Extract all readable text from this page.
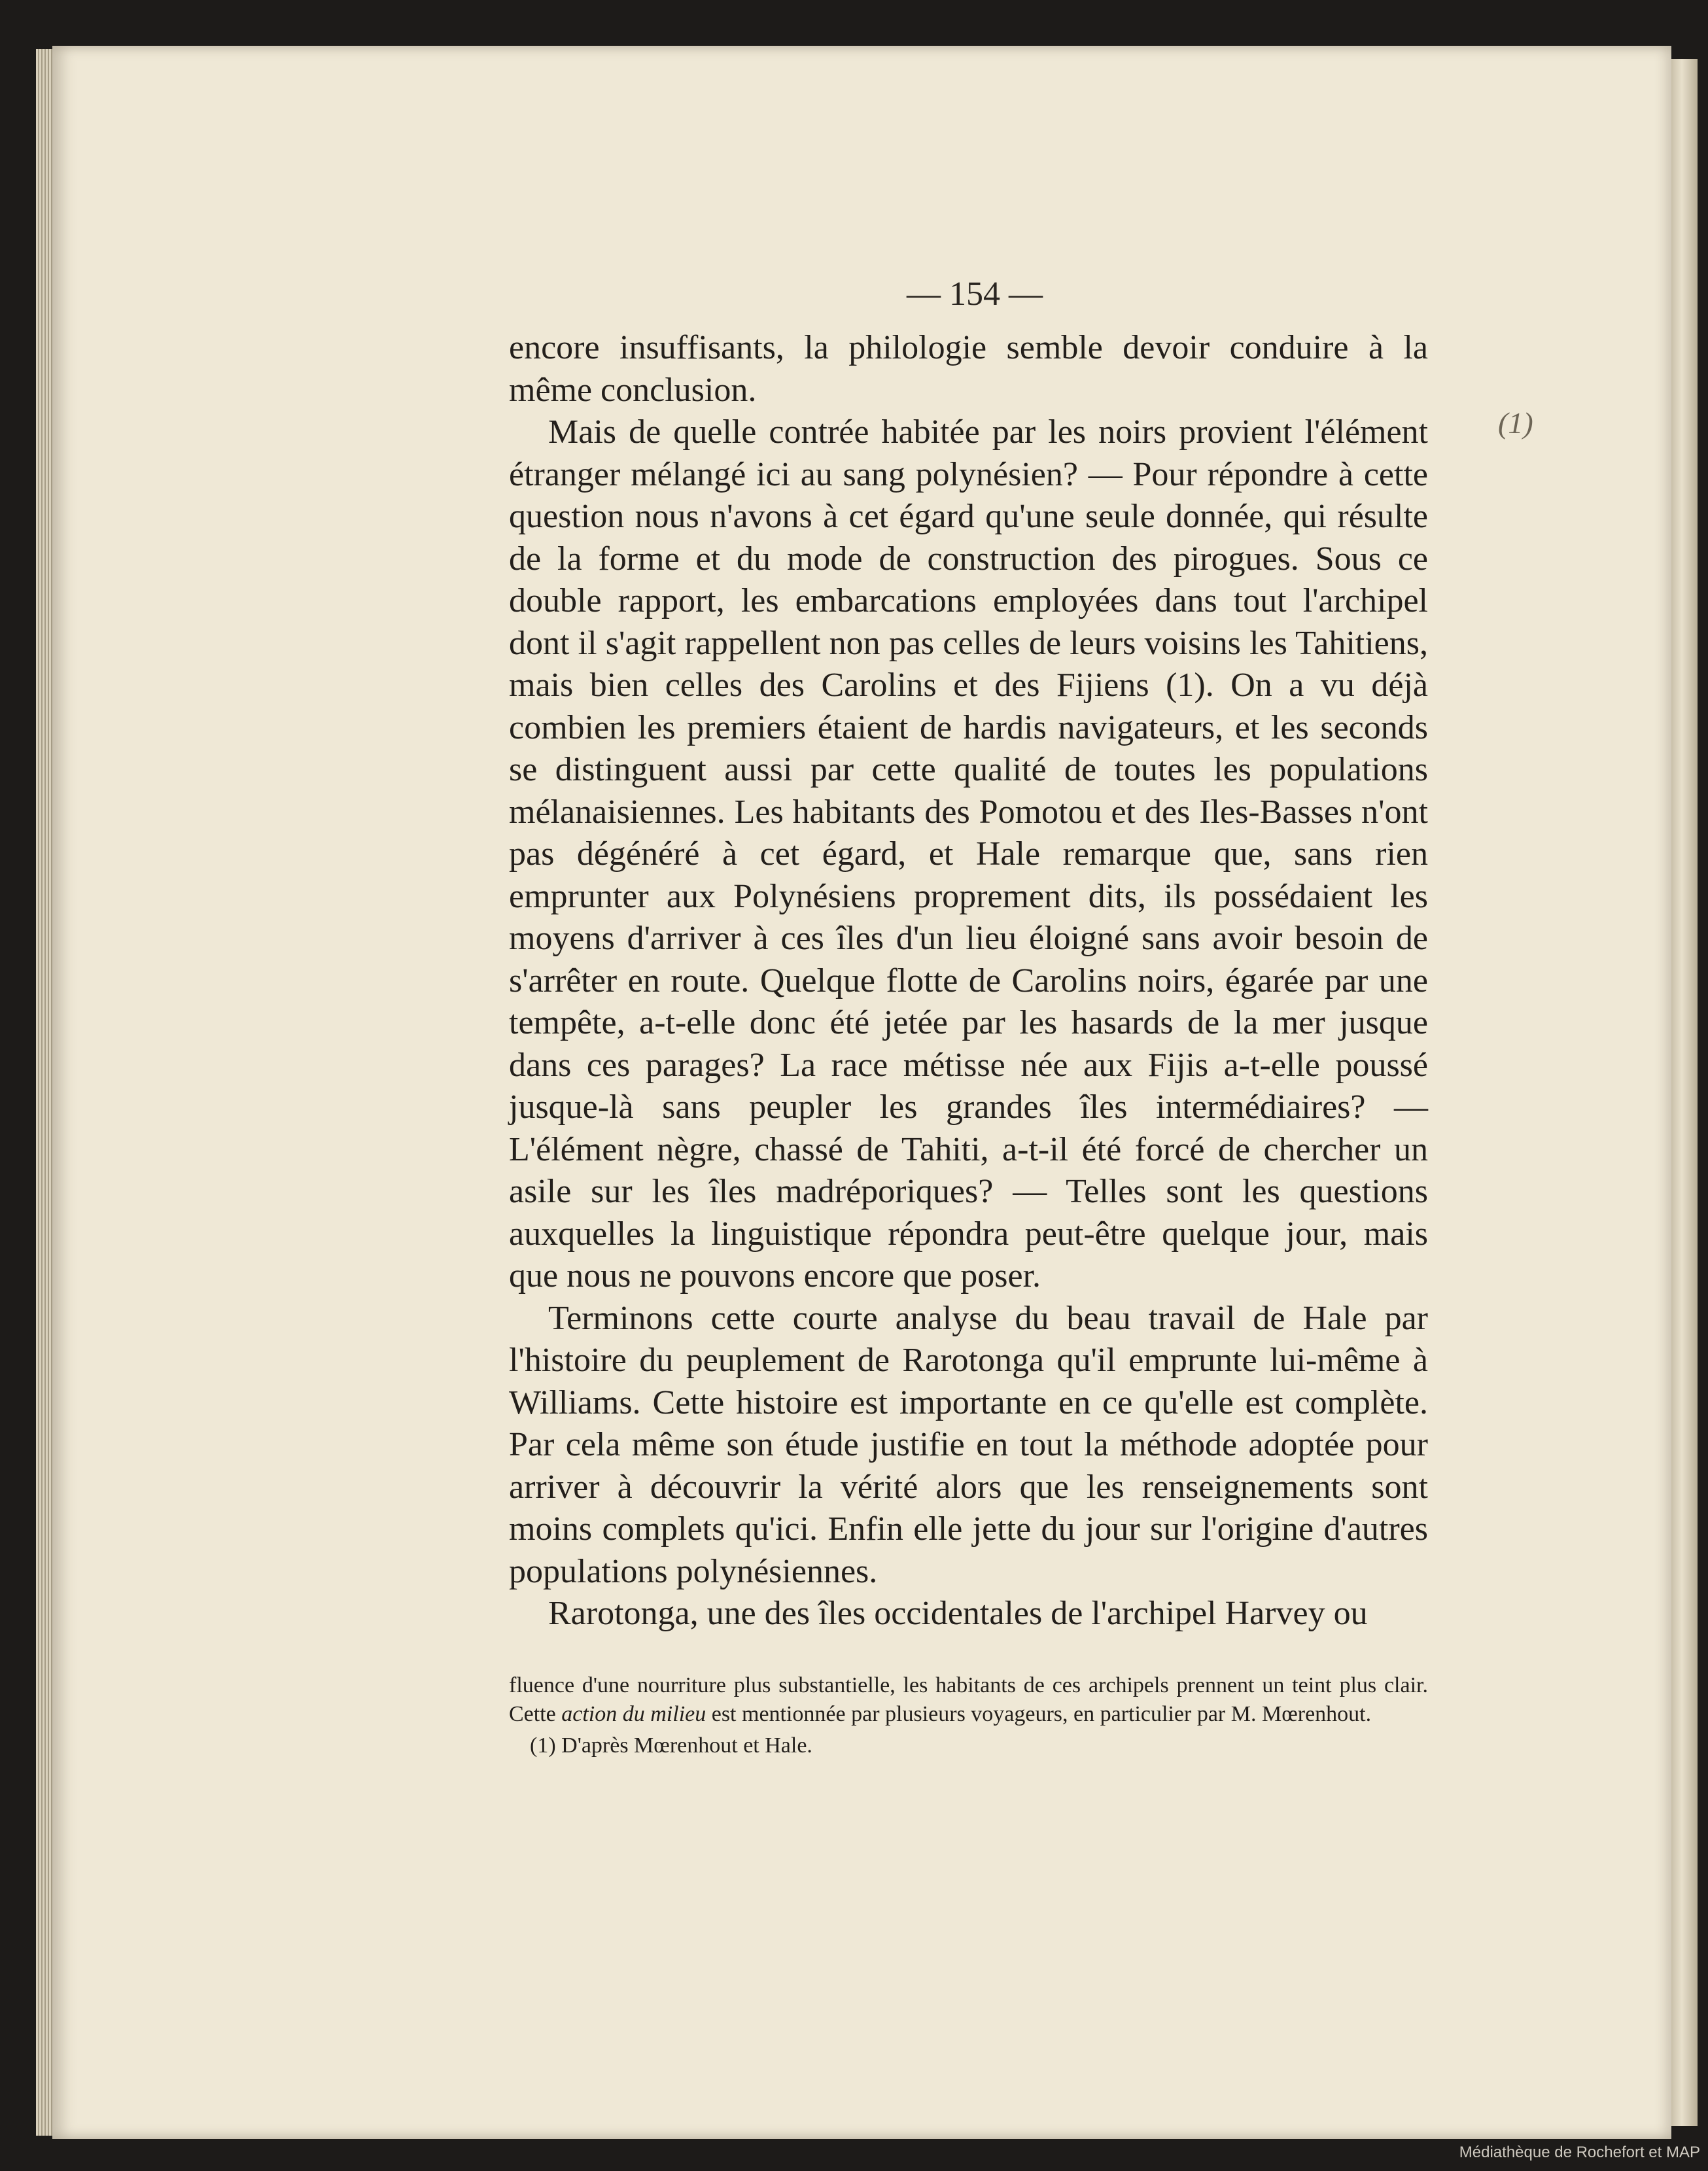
— 154 —
(1)

encore insuffisants, la philologie semble devoir conduire à la même conclusion.

Mais de quelle contrée habitée par les noirs provient l'élément étranger mélangé ici au sang polynésien? — Pour répondre à cette question nous n'avons à cet égard qu'une seule donnée, qui résulte de la forme et du mode de construction des pirogues. Sous ce double rapport, les embarcations employées dans tout l'archipel dont il s'agit rappellent non pas celles de leurs voisins les Tahitiens, mais bien celles des Carolins et des Fijiens (1). On a vu déjà combien les premiers étaient de hardis navigateurs, et les seconds se distinguent aussi par cette qualité de toutes les populations mélanaisiennes. Les habitants des Pomotou et des Iles-Basses n'ont pas dégénéré à cet égard, et Hale remarque que, sans rien emprunter aux Polynésiens proprement dits, ils possédaient les moyens d'arriver à ces îles d'un lieu éloigné sans avoir besoin de s'arrêter en route. Quelque flotte de Carolins noirs, égarée par une tempête, a-t-elle donc été jetée par les hasards de la mer jusque dans ces parages? La race métisse née aux Fijis a-t-elle poussé jusque-là sans peupler les grandes îles intermédiaires? — L'élément nègre, chassé de Tahiti, a-t-il été forcé de chercher un asile sur les îles madréporiques? — Telles sont les questions auxquelles la linguistique répondra peut-être quelque jour, mais que nous ne pouvons encore que poser.

Terminons cette courte analyse du beau travail de Hale par l'histoire du peuplement de Rarotonga qu'il emprunte lui-même à Williams. Cette histoire est importante en ce qu'elle est complète. Par cela même son étude justifie en tout la méthode adoptée pour arriver à découvrir la vérité alors que les renseignements sont moins complets qu'ici. Enfin elle jette du jour sur l'origine d'autres populations polynésiennes.

Rarotonga, une des îles occidentales de l'archipel Harvey ou

fluence d'une nourriture plus substantielle, les habitants de ces archipels prennent un teint plus clair. Cette action du milieu est mentionnée par plusieurs voyageurs, en particulier par M. Mœrenhout.

(1) D'après Mœrenhout et Hale.

Médiathèque de Rochefort et MAP
